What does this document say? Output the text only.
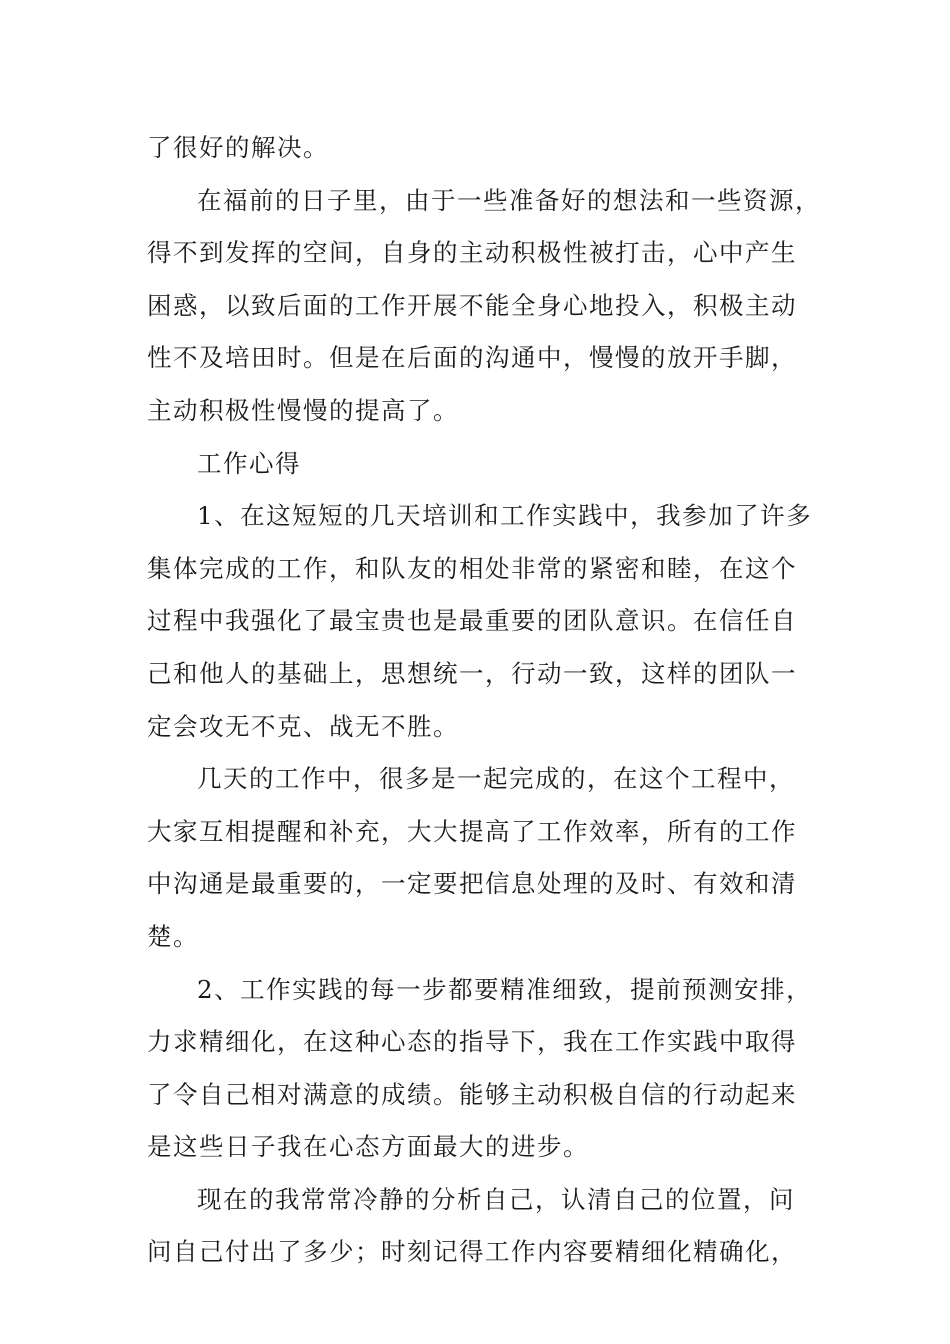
了很好的解决。
在福前的日子里，由于一些准备好的想法和一些资源，
得不到发挥的空间，自身的主动积极性被打击，心中产生
困惑，以致后面的工作开展不能全身心地投入，积极主动
性不及培田时。但是在后面的沟通中，慢慢的放开手脚，
主动积极性慢慢的提高了。
工作心得
1、在这短短的几天培训和工作实践中，我参加了许多
集体完成的工作，和队友的相处非常的紧密和睦，在这个
过程中我强化了最宝贵也是最重要的团队意识。在信任自
己和他人的基础上，思想统一，行动一致，这样的团队一
定会攻无不克、战无不胜。
几天的工作中，很多是一起完成的，在这个工程中，
大家互相提醒和补充，大大提高了工作效率，所有的工作
中沟通是最重要的，一定要把信息处理的及时、有效和清
楚。
2、工作实践的每一步都要精准细致，提前预测安排，
力求精细化，在这种心态的指导下，我在工作实践中取得
了令自己相对满意的成绩。能够主动积极自信的行动起来
是这些日子我在心态方面最大的进步。
现在的我常常冷静的分析自己，认清自己的位置，问
问自己付出了多少；时刻记得工作内容要精细化精确化，
